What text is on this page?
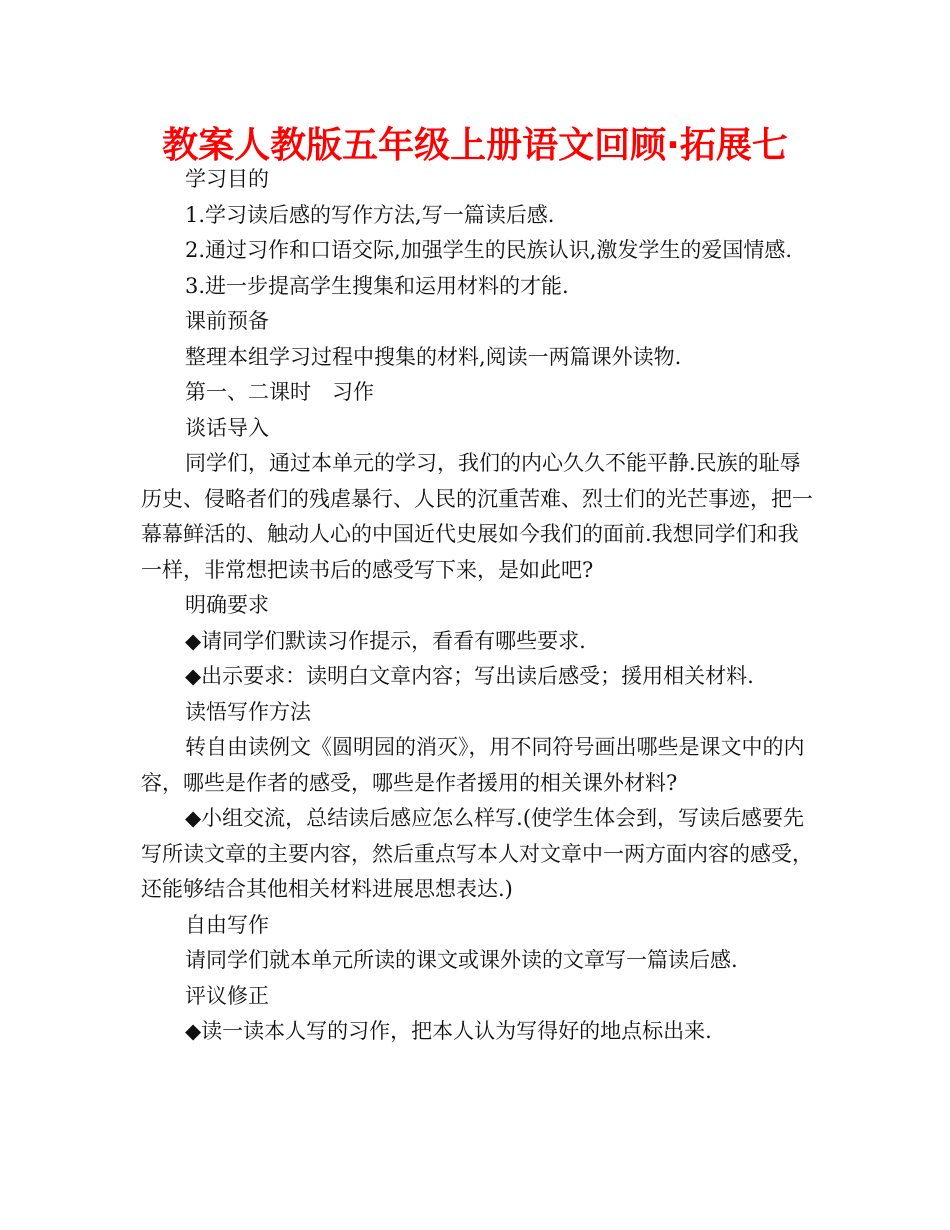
教案人教版五年级上册语文回顾·拓展七

学习目的

1.学习读后感的写作方法,写一篇读后感.

2.通过习作和口语交际,加强学生的民族认识,激发学生的爱国情感.

3.进一步提高学生搜集和运用材料的才能.

课前预备

整理本组学习过程中搜集的材料,阅读一两篇课外读物.

第一、二课时　习作

谈话导入

同学们，通过本单元的学习，我们的内心久久不能平静.民族的耻辱历史、侵略者们的残虐暴行、人民的沉重苦难、烈士们的光芒事迹，把一幕幕鲜活的、触动人心的中国近代史展如今我们的面前.我想同学们和我一样，非常想把读书后的感受写下来，是如此吧?

明确要求

◆请同学们默读习作提示，看看有哪些要求.

◆出示要求：读明白文章内容；写出读后感受；援用相关材料.

读悟写作方法

转自由读例文《圆明园的消灭》，用不同符号画出哪些是课文中的内容，哪些是作者的感受，哪些是作者援用的相关课外材料?

◆小组交流，总结读后感应怎么样写.(使学生体会到，写读后感要先写所读文章的主要内容，然后重点写本人对文章中一两方面内容的感受，还能够结合其他相关材料进展思想表达.)

自由写作

请同学们就本单元所读的课文或课外读的文章写一篇读后感.

评议修正

◆读一读本人写的习作，把本人认为写得好的地点标出来.
